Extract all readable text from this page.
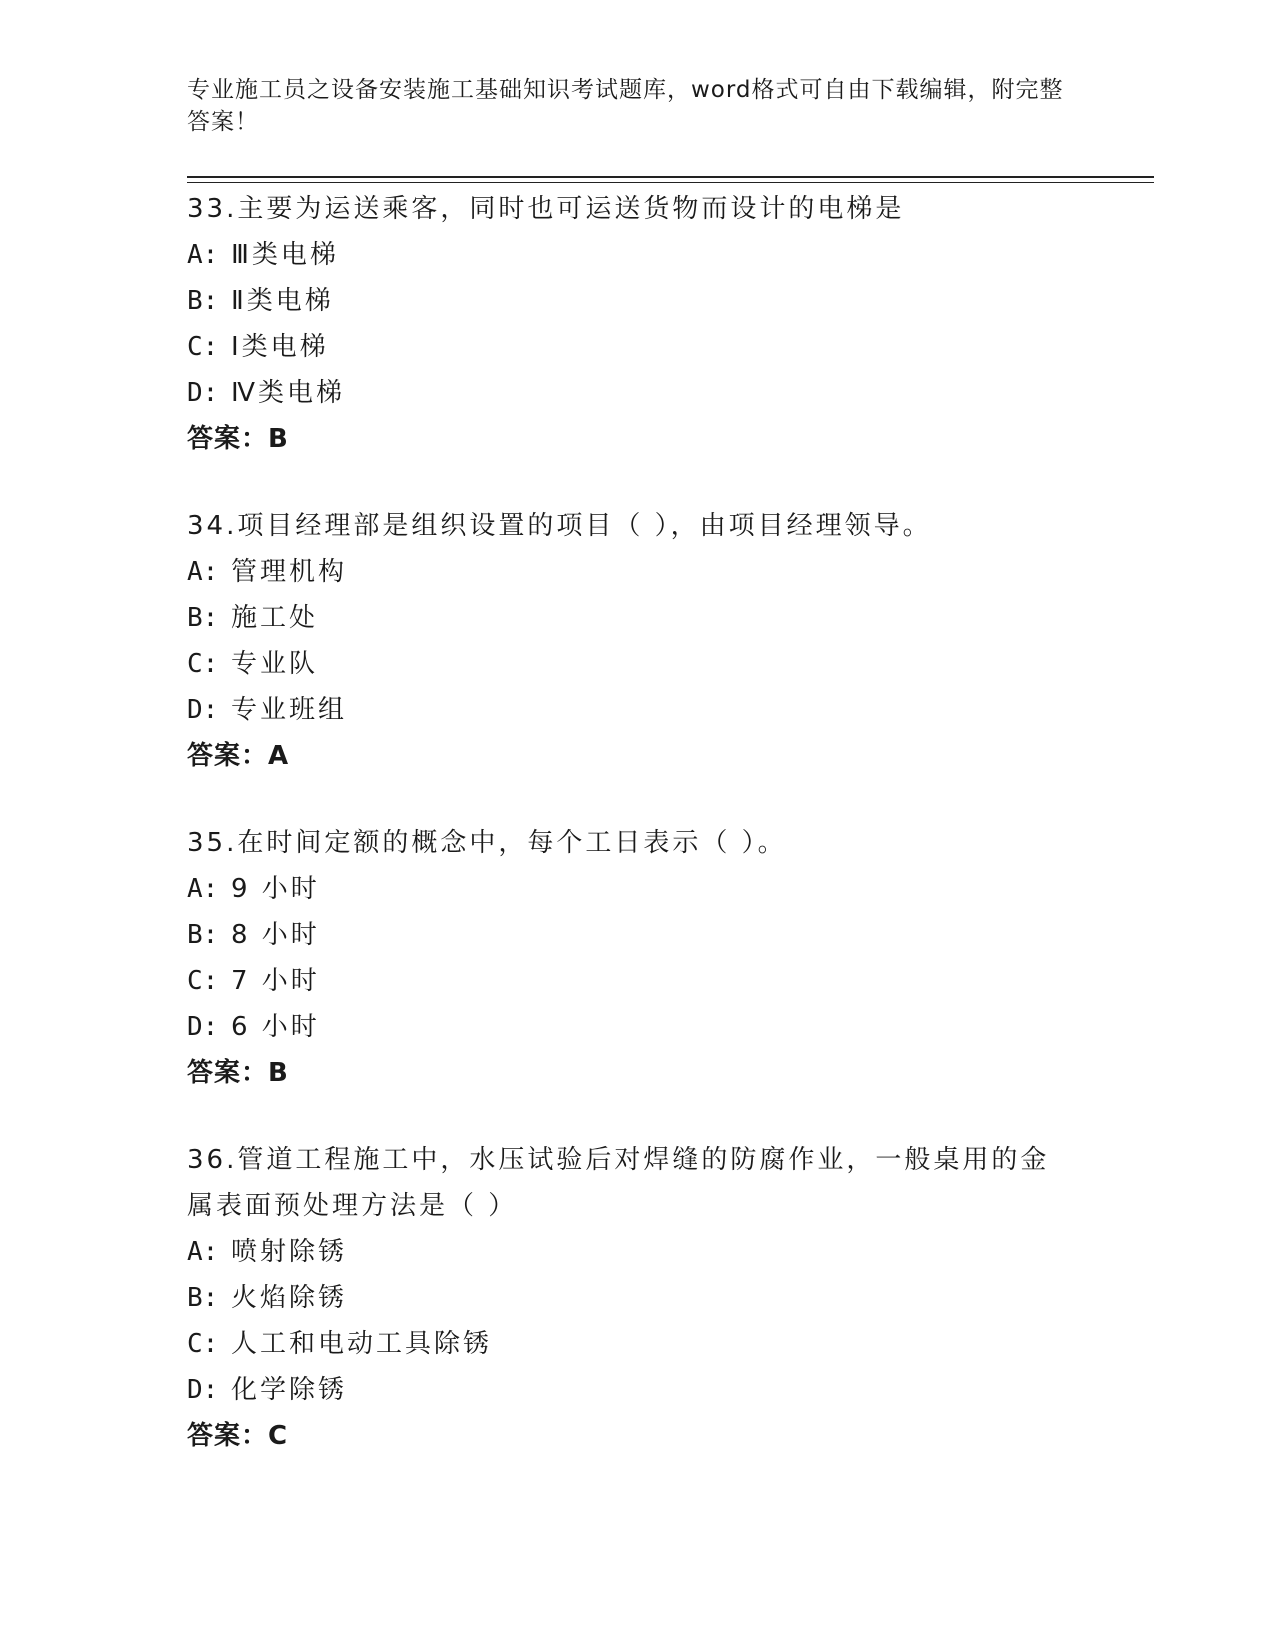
专业施工员之设备安装施工基础知识考试题库，word格式可自由下载编辑，附完整答案！

33.主要为运送乘客，同时也可运送货物而设计的电梯是

A: Ⅲ类电梯

B: Ⅱ类电梯

C: Ⅰ类电梯

D: Ⅳ类电梯

答案：B

34.项目经理部是组织设置的项目（ ），由项目经理领导。

A: 管理机构

B: 施工处

C: 专业队

D: 专业班组

答案：A

35.在时间定额的概念中，每个工日表示（ ）。

A: 9 小时

B: 8 小时

C: 7 小时

D: 6 小时

答案：B

36.管道工程施工中，水压试验后对焊缝的防腐作业，一般桌用的金属表面预处理方法是（ ）

A: 喷射除锈

B: 火焰除锈

C: 人工和电动工具除锈

D: 化学除锈

答案：C
